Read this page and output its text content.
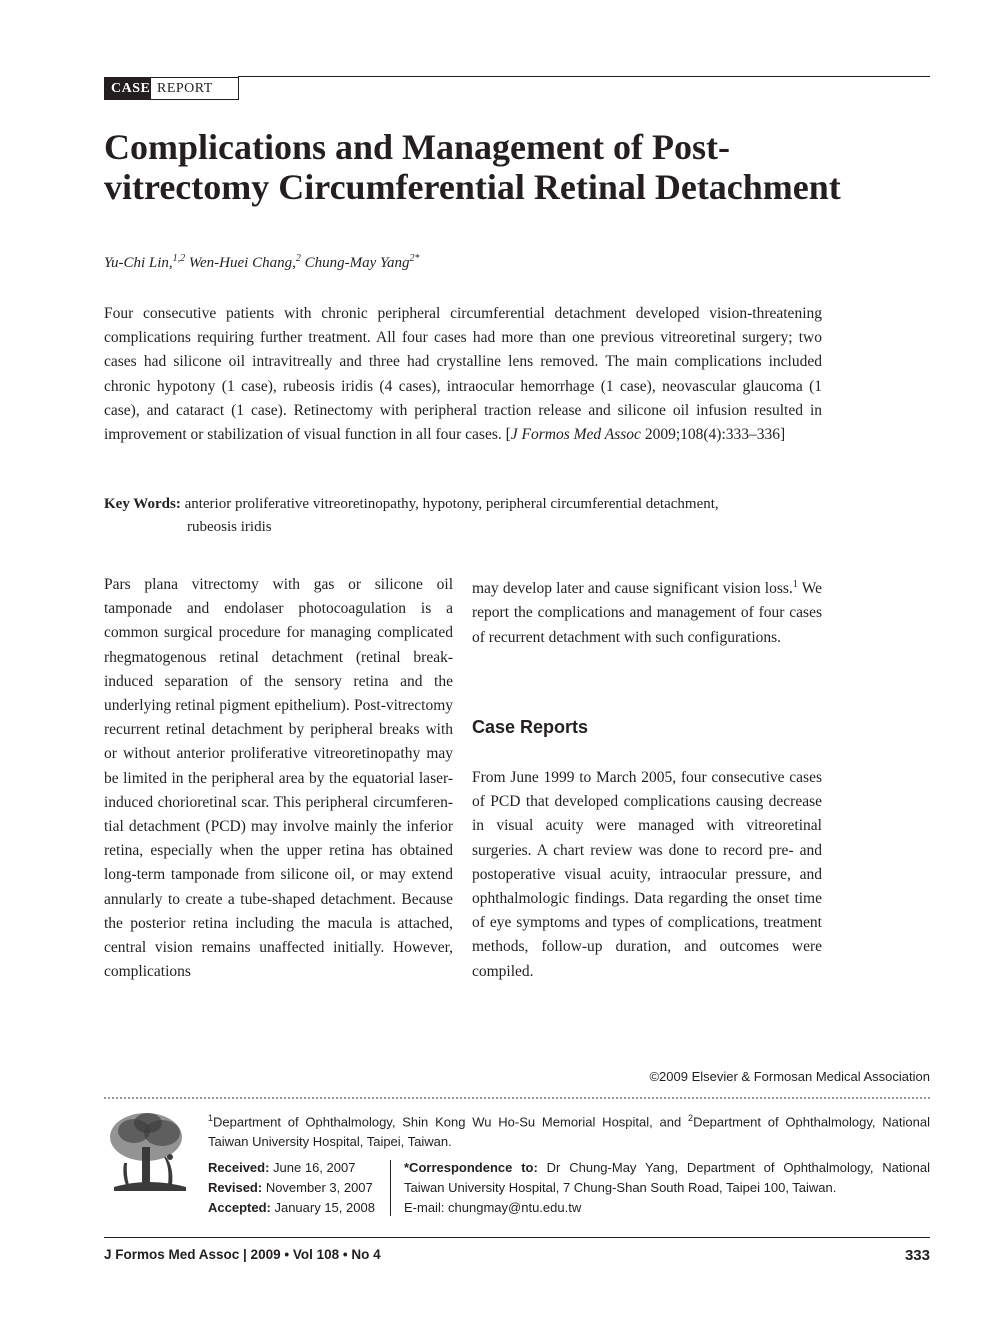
CASE REPORT
Complications and Management of Post-vitrectomy Circumferential Retinal Detachment
Yu-Chi Lin,$^{1,2}$ Wen-Huei Chang,$^2$ Chung-May Yang$^{2*}$

Four consecutive patients with chronic peripheral circumferential detachment developed vision-threatening complications requiring further treatment. All four cases had more than one previous vitreoretinal surgery; two cases had silicone oil intravitreally and three had crystalline lens removed. The main complications included chronic hypotony (1 case), rubeosis iridis (4 cases), intraocular hemorrhage (1 case), neovascular glaucoma (1 case), and cataract (1 case). Retinectomy with peripheral traction release and silicone oil infusion resulted in improvement or stabilization of visual function in all four cases. [J Formos Med Assoc 2009;108(4):333–336]

Key Words: anterior proliferative vitreoretinopathy, hypotony, peripheral circumferential detachment,
rubeosis iridis

Pars plana vitrectomy with gas or silicone oil tamponade and endolaser photocoagulation is a common surgical procedure for managing complicated rhegmatogenous retinal detachment (retinal break-induced separation of the sensory retina and the underlying retinal pigment epithelium). Post-vitrectomy recurrent retinal detachment by peripheral breaks with or without anterior proliferative vitreoretinopathy may be limited in the peripheral area by the equatorial laser-induced chorioretinal scar. This peripheral circumferential detachment (PCD) may involve mainly the inferior retina, especially when the upper retina has obtained long-term tamponade from silicone oil, or may extend annularly to create a tube-shaped detachment. Because the posterior retina including the macula is attached, central vision remains unaffected initially. However, complications

may develop later and cause significant vision loss.$^1$ We report the complications and management of four cases of recurrent detachment with such configurations.

Case Reports

From June 1999 to March 2005, four consecutive cases of PCD that developed complications causing decrease in visual acuity were managed with vitreoretinal surgeries. A chart review was done to record pre- and postoperative visual acuity, intraocular pressure, and ophthalmologic findings. Data regarding the onset time of eye symptoms and types of complications, treatment methods, follow-up duration, and outcomes were compiled.

©2009 Elsevier & Formosan Medical Association
$^1$Department of Ophthalmology, Shin Kong Wu Ho-Su Memorial Hospital, and $^2$Department of Ophthalmology, National Taiwan University Hospital, Taipei, Taiwan.
Received: June 16, 2007
Revised: November 3, 2007
Accepted: January 15, 2008
*Correspondence to: Dr Chung-May Yang, Department of Ophthalmology, National Taiwan University Hospital, 7 Chung-Shan South Road, Taipei 100, Taiwan.
E-mail: chungmay@ntu.edu.tw
J Formos Med Assoc | 2009 • Vol 108 • No 4	333
